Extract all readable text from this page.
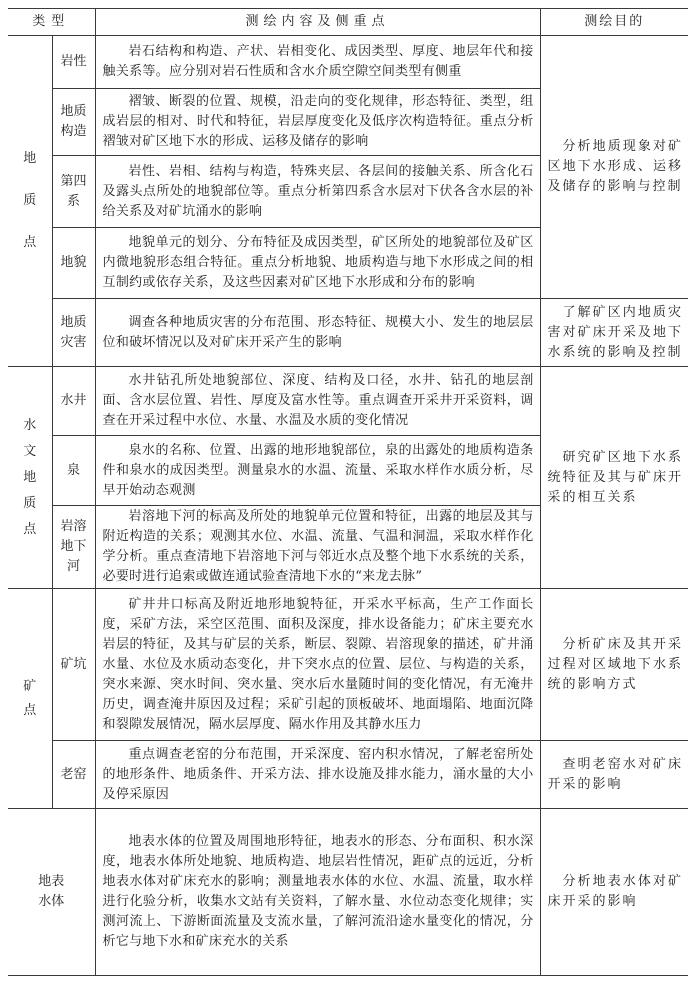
类型		测绘内容及侧重点	测绘目的
地质点	岩性	岩石结构和构造、产状、岩相变化、成因类型、厚度、地层年代和接触关系等。应分别对岩石性质和含水介质空隙空间类型有侧重	分析地质现象对矿区地下水形成、运移及储存的影响与控制
	地质构造	褶皱、断裂的位置、规模，沿走向的变化规律，形态特征、类型，组成岩层的相对、时代和特征，岩层厚度变化及低序次构造特征。重点分析褶皱对矿区地下水的形成、运移及储存的影响	
	第四系	岩性、岩相、结构与构造，特殊夹层、各层间的接触关系、所含化石及露头点所处的地貌部位等。重点分析第四系含水层对下伏各含水层的补给关系及对矿坑涌水的影响	
	地貌	地貌单元的划分、分布特征及成因类型，矿区所处的地貌部位及矿区内微地貌形态组合特征。重点分析地貌、地质构造与地下水形成之间的相互制约或依存关系，及这些因素对矿区地下水形成和分布的影响	
	地质灾害	调查各种地质灾害的分布范围、形态特征、规模大小、发生的地层层位和破坏情况以及对矿床开采产生的影响	了解矿区内地质灾害对矿床开采及地下水系统的影响及控制
水文地质点	水井	水井钻孔所处地貌部位、深度、结构及口径，水井、钻孔的地层剖面、含水层位置、岩性、厚度及富水性等。重点调查开采井开采资料，调查在开采过程中水位、水量、水温及水质的变化情况	研究矿区地下水系统特征及其与矿床开采的相互关系
	泉	泉水的名称、位置、出露的地形地貌部位，泉的出露处的地质构造条件和泉水的成因类型。测量泉水的水温、流量、采取水样作水质分析，尽早开始动态观测	
	岩溶地下河	岩溶地下河的标高及所处的地貌单元位置和特征，出露的地层及其与附近构造的关系；观测其水位、水温、流量、气温和洞温，采取水样作化学分析。重点查清地下岩溶地下河与邻近水点及整个地下水系统的关系，必要时进行追索或做连通试验查清地下水的“来龙去脉”	
矿点	矿坑	矿井井口标高及附近地形地貌特征，开采水平标高，生产工作面长度，采矿方法，采空区范围、面积及深度，排水设备能力；矿床主要充水岩层的特征，及其与矿层的关系，断层、裂隙、岩溶现象的描述，矿井涌水量、水位及水质动态变化，井下突水点的位置、层位、与构造的关系，突水来源、突水时间、突水量、突水后水量随时间的变化情况，有无淹井历史，调查淹井原因及过程；采矿引起的顶板破坏、地面塌陷、地面沉降和裂隙发展情况，隔水层厚度、隔水作用及其静水压力	分析矿床及其开采过程对区域地下水系统的影响方式
	老窑	重点调查老窑的分布范围，开采深度、窑内积水情况，了解老窑所处的地形条件、地质条件、开采方法、排水设施及排水能力，涌水量的大小及停采原因	查明老窑水对矿床开采的影响
地表水体		地表水体的位置及周围地形特征，地表水的形态、分布面积、积水深度，地表水体所处地貌、地质构造、地层岩性情况，距矿点的远近，分析地表水体对矿床充水的影响；测量地表水体的水位、水温、流量，取水样进行化验分析，收集水文站有关资料，了解水量、水位动态变化规律；实测河流上、下游断面流量及支流水量，了解河流沿途水量变化的情况，分析它与地下水和矿床充水的关系	分析地表水体对矿床开采的影响
